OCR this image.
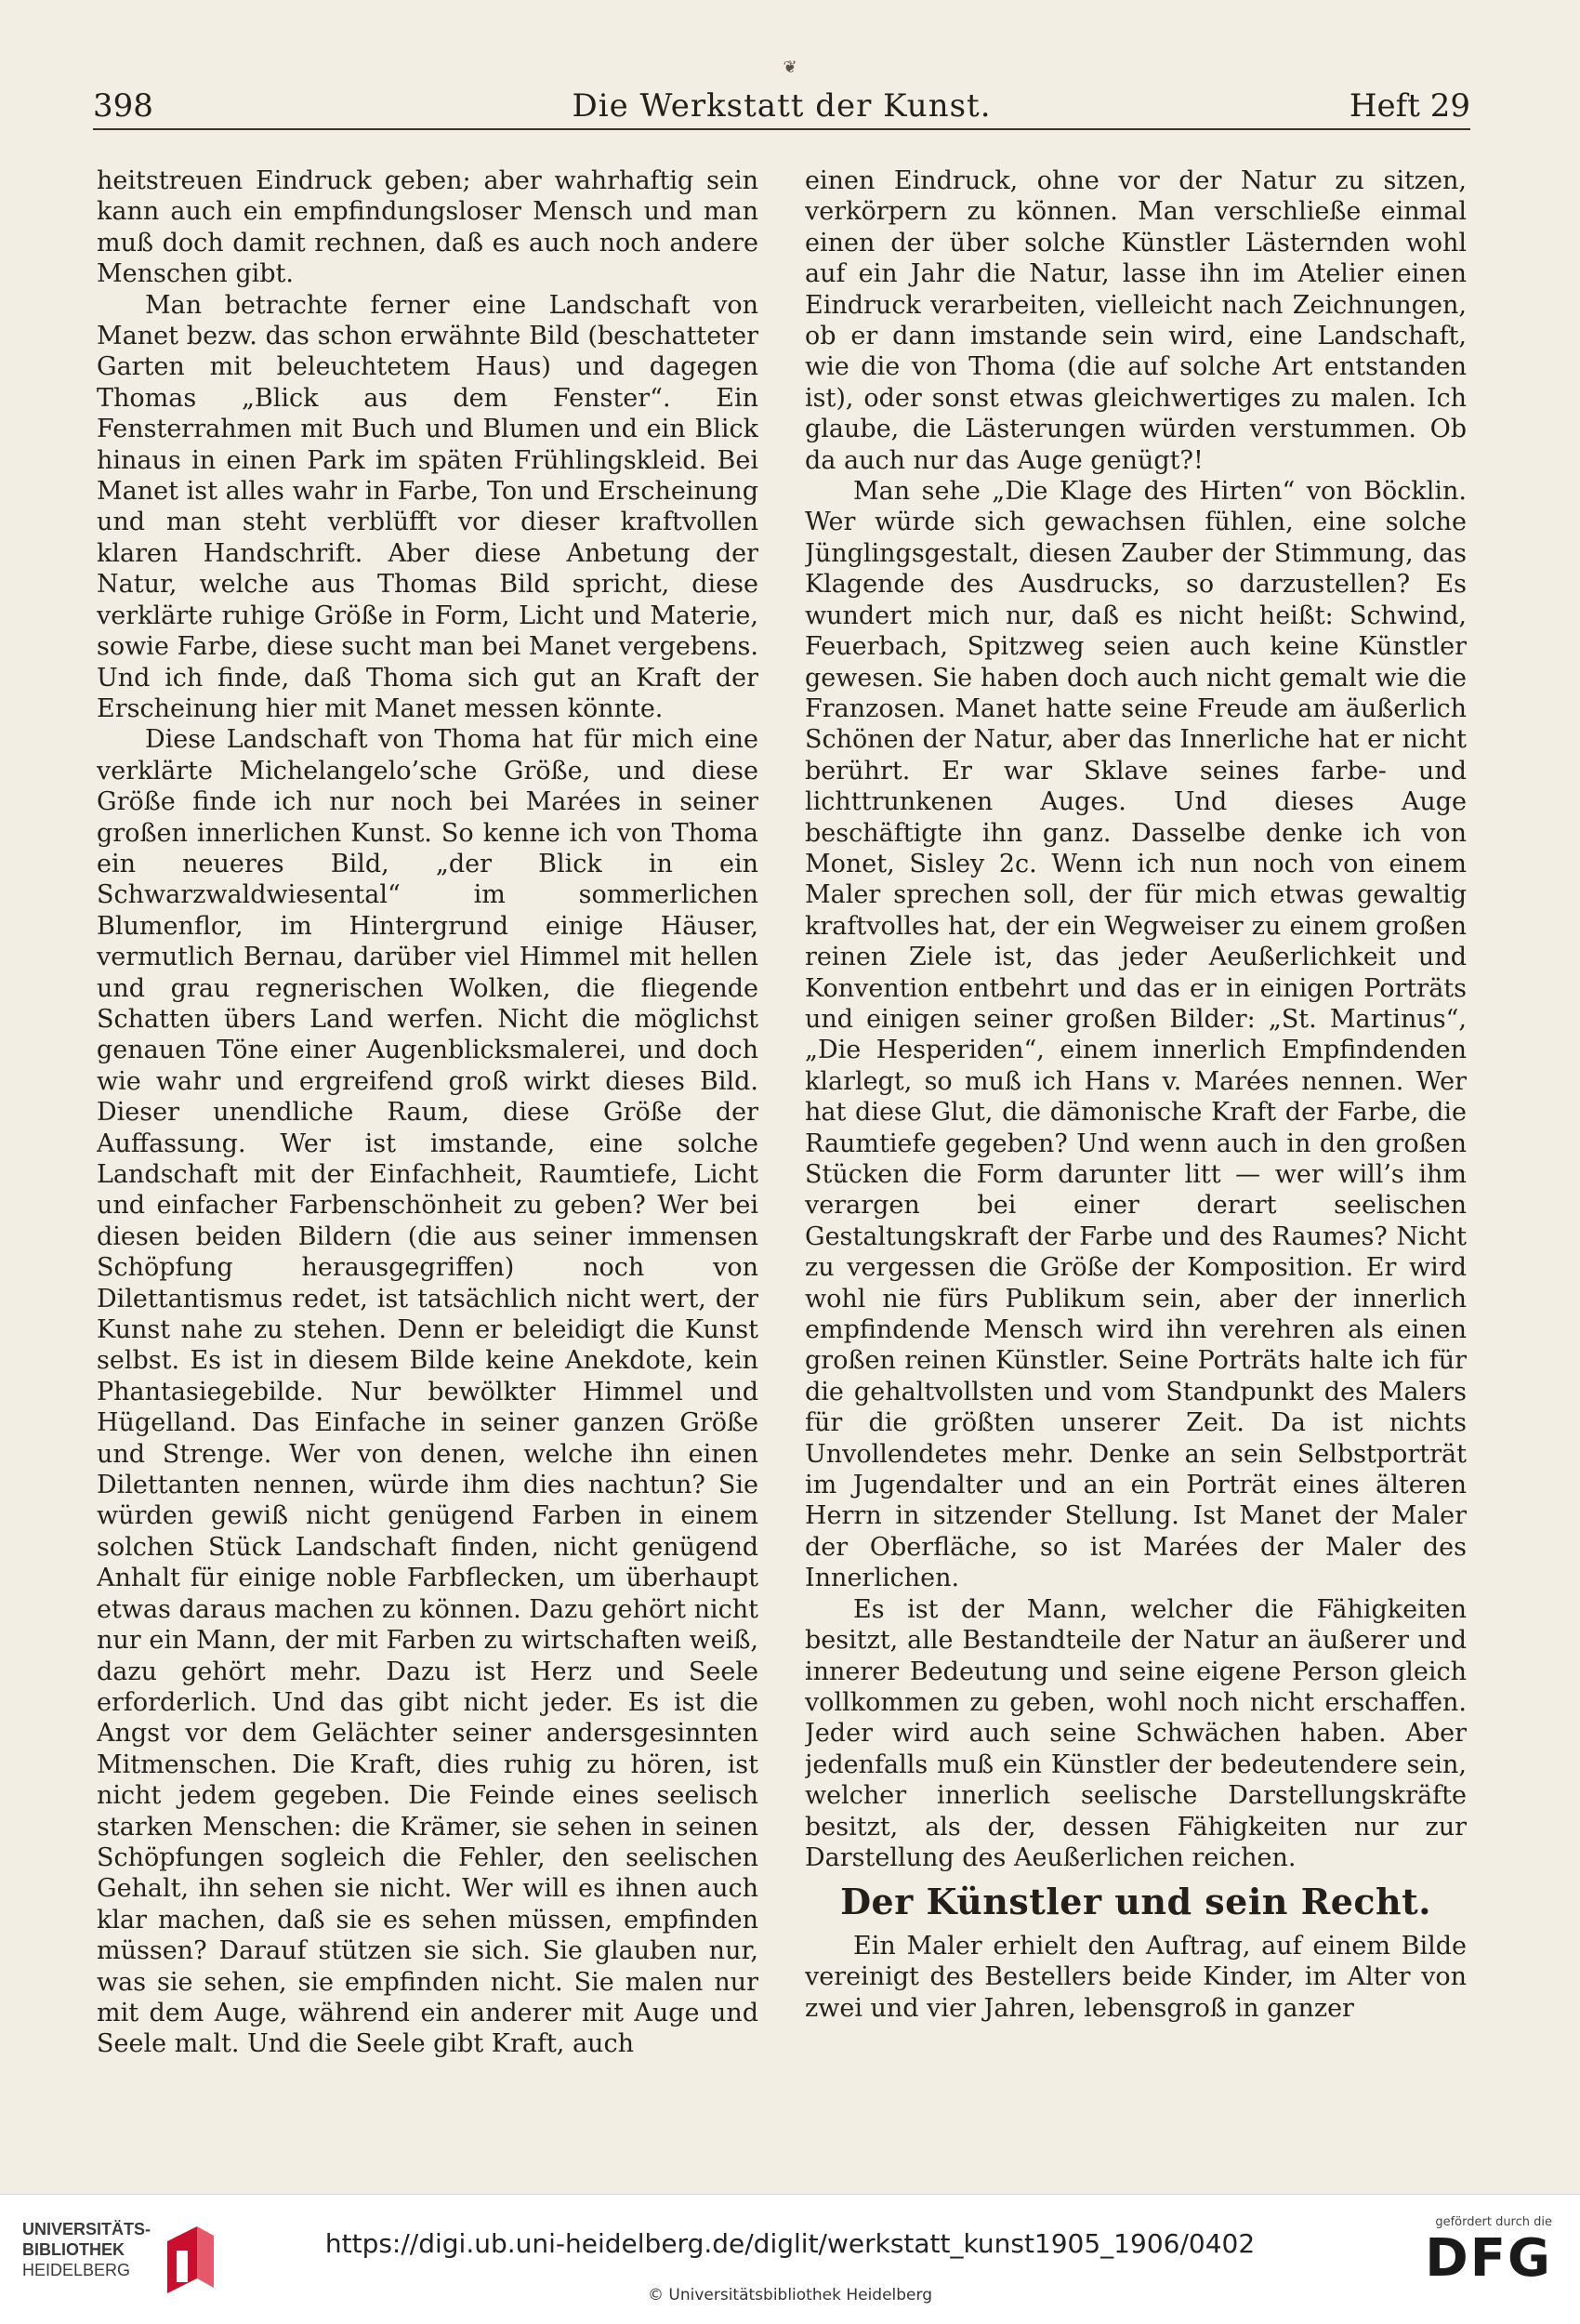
❦
398	Die Werkstatt der Kunst.	Heft 29

heitstreuen Eindruck geben; aber wahrhaftig sein kann auch ein empfindungsloser Mensch und man muß doch damit rechnen, daß es auch noch andere Menschen gibt.

Man betrachte ferner eine Landschaft von Manet bezw. das schon erwähnte Bild (beschatteter Garten mit beleuchtetem Haus) und dagegen Thomas „Blick aus dem Fenster“. Ein Fensterrahmen mit Buch und Blumen und ein Blick hinaus in einen Park im späten Frühlingskleid. Bei Manet ist alles wahr in Farbe, Ton und Erscheinung und man steht verblüfft vor dieser kraftvollen klaren Handschrift. Aber diese Anbetung der Natur, welche aus Thomas Bild spricht, diese verklärte ruhige Größe in Form, Licht und Materie, sowie Farbe, diese sucht man bei Manet vergebens. Und ich finde, daß Thoma sich gut an Kraft der Erscheinung hier mit Manet messen könnte.

Diese Landschaft von Thoma hat für mich eine verklärte Michelangelo’sche Größe, und diese Größe finde ich nur noch bei Marées in seiner großen innerlichen Kunst. So kenne ich von Thoma ein neueres Bild, „der Blick in ein Schwarzwaldwiesental“ im sommerlichen Blumenflor, im Hintergrund einige Häuser, vermutlich Bernau, darüber viel Himmel mit hellen und grau regnerischen Wolken, die fliegende Schatten übers Land werfen. Nicht die möglichst genauen Töne einer Augenblicksmalerei, und doch wie wahr und ergreifend groß wirkt dieses Bild. Dieser unendliche Raum, diese Größe der Auffassung. Wer ist imstande, eine solche Landschaft mit der Einfachheit, Raumtiefe, Licht und einfacher Farbenschönheit zu geben? Wer bei diesen beiden Bildern (die aus seiner immensen Schöpfung herausgegriffen) noch von Dilettantismus redet, ist tatsächlich nicht wert, der Kunst nahe zu stehen. Denn er beleidigt die Kunst selbst. Es ist in diesem Bilde keine Anekdote, kein Phantasiegebilde. Nur bewölkter Himmel und Hügelland. Das Einfache in seiner ganzen Größe und Strenge. Wer von denen, welche ihn einen Dilettanten nennen, würde ihm dies nachtun? Sie würden gewiß nicht genügend Farben in einem solchen Stück Landschaft finden, nicht genügend Anhalt für einige noble Farbflecken, um überhaupt etwas daraus machen zu können. Dazu gehört nicht nur ein Mann, der mit Farben zu wirtschaften weiß, dazu gehört mehr. Dazu ist Herz und Seele erforderlich. Und das gibt nicht jeder. Es ist die Angst vor dem Gelächter seiner andersgesinnten Mitmenschen. Die Kraft, dies ruhig zu hören, ist nicht jedem gegeben. Die Feinde eines seelisch starken Menschen: die Krämer, sie sehen in seinen Schöpfungen sogleich die Fehler, den seelischen Gehalt, ihn sehen sie nicht. Wer will es ihnen auch klar machen, daß sie es sehen müssen, empfinden müssen? Darauf stützen sie sich. Sie glauben nur, was sie sehen, sie empfinden nicht. Sie malen nur mit dem Auge, während ein anderer mit Auge und Seele malt. Und die Seele gibt Kraft, auch

einen Eindruck, ohne vor der Natur zu sitzen, verkörpern zu können. Man verschließe einmal einen der über solche Künstler Lästernden wohl auf ein Jahr die Natur, lasse ihn im Atelier einen Eindruck verarbeiten, vielleicht nach Zeichnungen, ob er dann imstande sein wird, eine Landschaft, wie die von Thoma (die auf solche Art entstanden ist), oder sonst etwas gleichwertiges zu malen. Ich glaube, die Lästerungen würden verstummen. Ob da auch nur das Auge genügt?!

Man sehe „Die Klage des Hirten“ von Böcklin. Wer würde sich gewachsen fühlen, eine solche Jünglingsgestalt, diesen Zauber der Stimmung, das Klagende des Ausdrucks, so darzustellen? Es wundert mich nur, daß es nicht heißt: Schwind, Feuerbach, Spitzweg seien auch keine Künstler gewesen. Sie haben doch auch nicht gemalt wie die Franzosen. Manet hatte seine Freude am äußerlich Schönen der Natur, aber das Innerliche hat er nicht berührt. Er war Sklave seines farbe- und lichttrunkenen Auges. Und dieses Auge beschäftigte ihn ganz. Dasselbe denke ich von Monet, Sisley 2c. Wenn ich nun noch von einem Maler sprechen soll, der für mich etwas gewaltig kraftvolles hat, der ein Wegweiser zu einem großen reinen Ziele ist, das jeder Aeußerlichkeit und Konvention entbehrt und das er in einigen Porträts und einigen seiner großen Bilder: „St. Martinus“, „Die Hesperiden“, einem innerlich Empfindenden klarlegt, so muß ich Hans v. Marées nennen. Wer hat diese Glut, die dämonische Kraft der Farbe, die Raumtiefe gegeben? Und wenn auch in den großen Stücken die Form darunter litt — wer will’s ihm verargen bei einer derart seelischen Gestaltungskraft der Farbe und des Raumes? Nicht zu vergessen die Größe der Komposition. Er wird wohl nie fürs Publikum sein, aber der innerlich empfindende Mensch wird ihn verehren als einen großen reinen Künstler. Seine Porträts halte ich für die gehaltvollsten und vom Standpunkt des Malers für die größten unserer Zeit. Da ist nichts Unvollendetes mehr. Denke an sein Selbstporträt im Jugendalter und an ein Porträt eines älteren Herrn in sitzender Stellung. Ist Manet der Maler der Oberfläche, so ist Marées der Maler des Innerlichen.

Es ist der Mann, welcher die Fähigkeiten besitzt, alle Bestandteile der Natur an äußerer und innerer Bedeutung und seine eigene Person gleich vollkommen zu geben, wohl noch nicht erschaffen. Jeder wird auch seine Schwächen haben. Aber jedenfalls muß ein Künstler der bedeutendere sein, welcher innerlich seelische Darstellungskräfte besitzt, als der, dessen Fähigkeiten nur zur Darstellung des Aeußerlichen reichen.

Der Künstler und sein Recht.

Ein Maler erhielt den Auftrag, auf einem Bilde vereinigt des Bestellers beide Kinder, im Alter von zwei und vier Jahren, lebensgroß in ganzer

UNIVERSITÄTS-
BIBLIOTHEK
HEIDELBERG
https://digi.ub.uni-heidelberg.de/diglit/werkstatt_kunst1905_1906/0402
© Universitätsbibliothek Heidelberg
gefördert durch die
DFG
